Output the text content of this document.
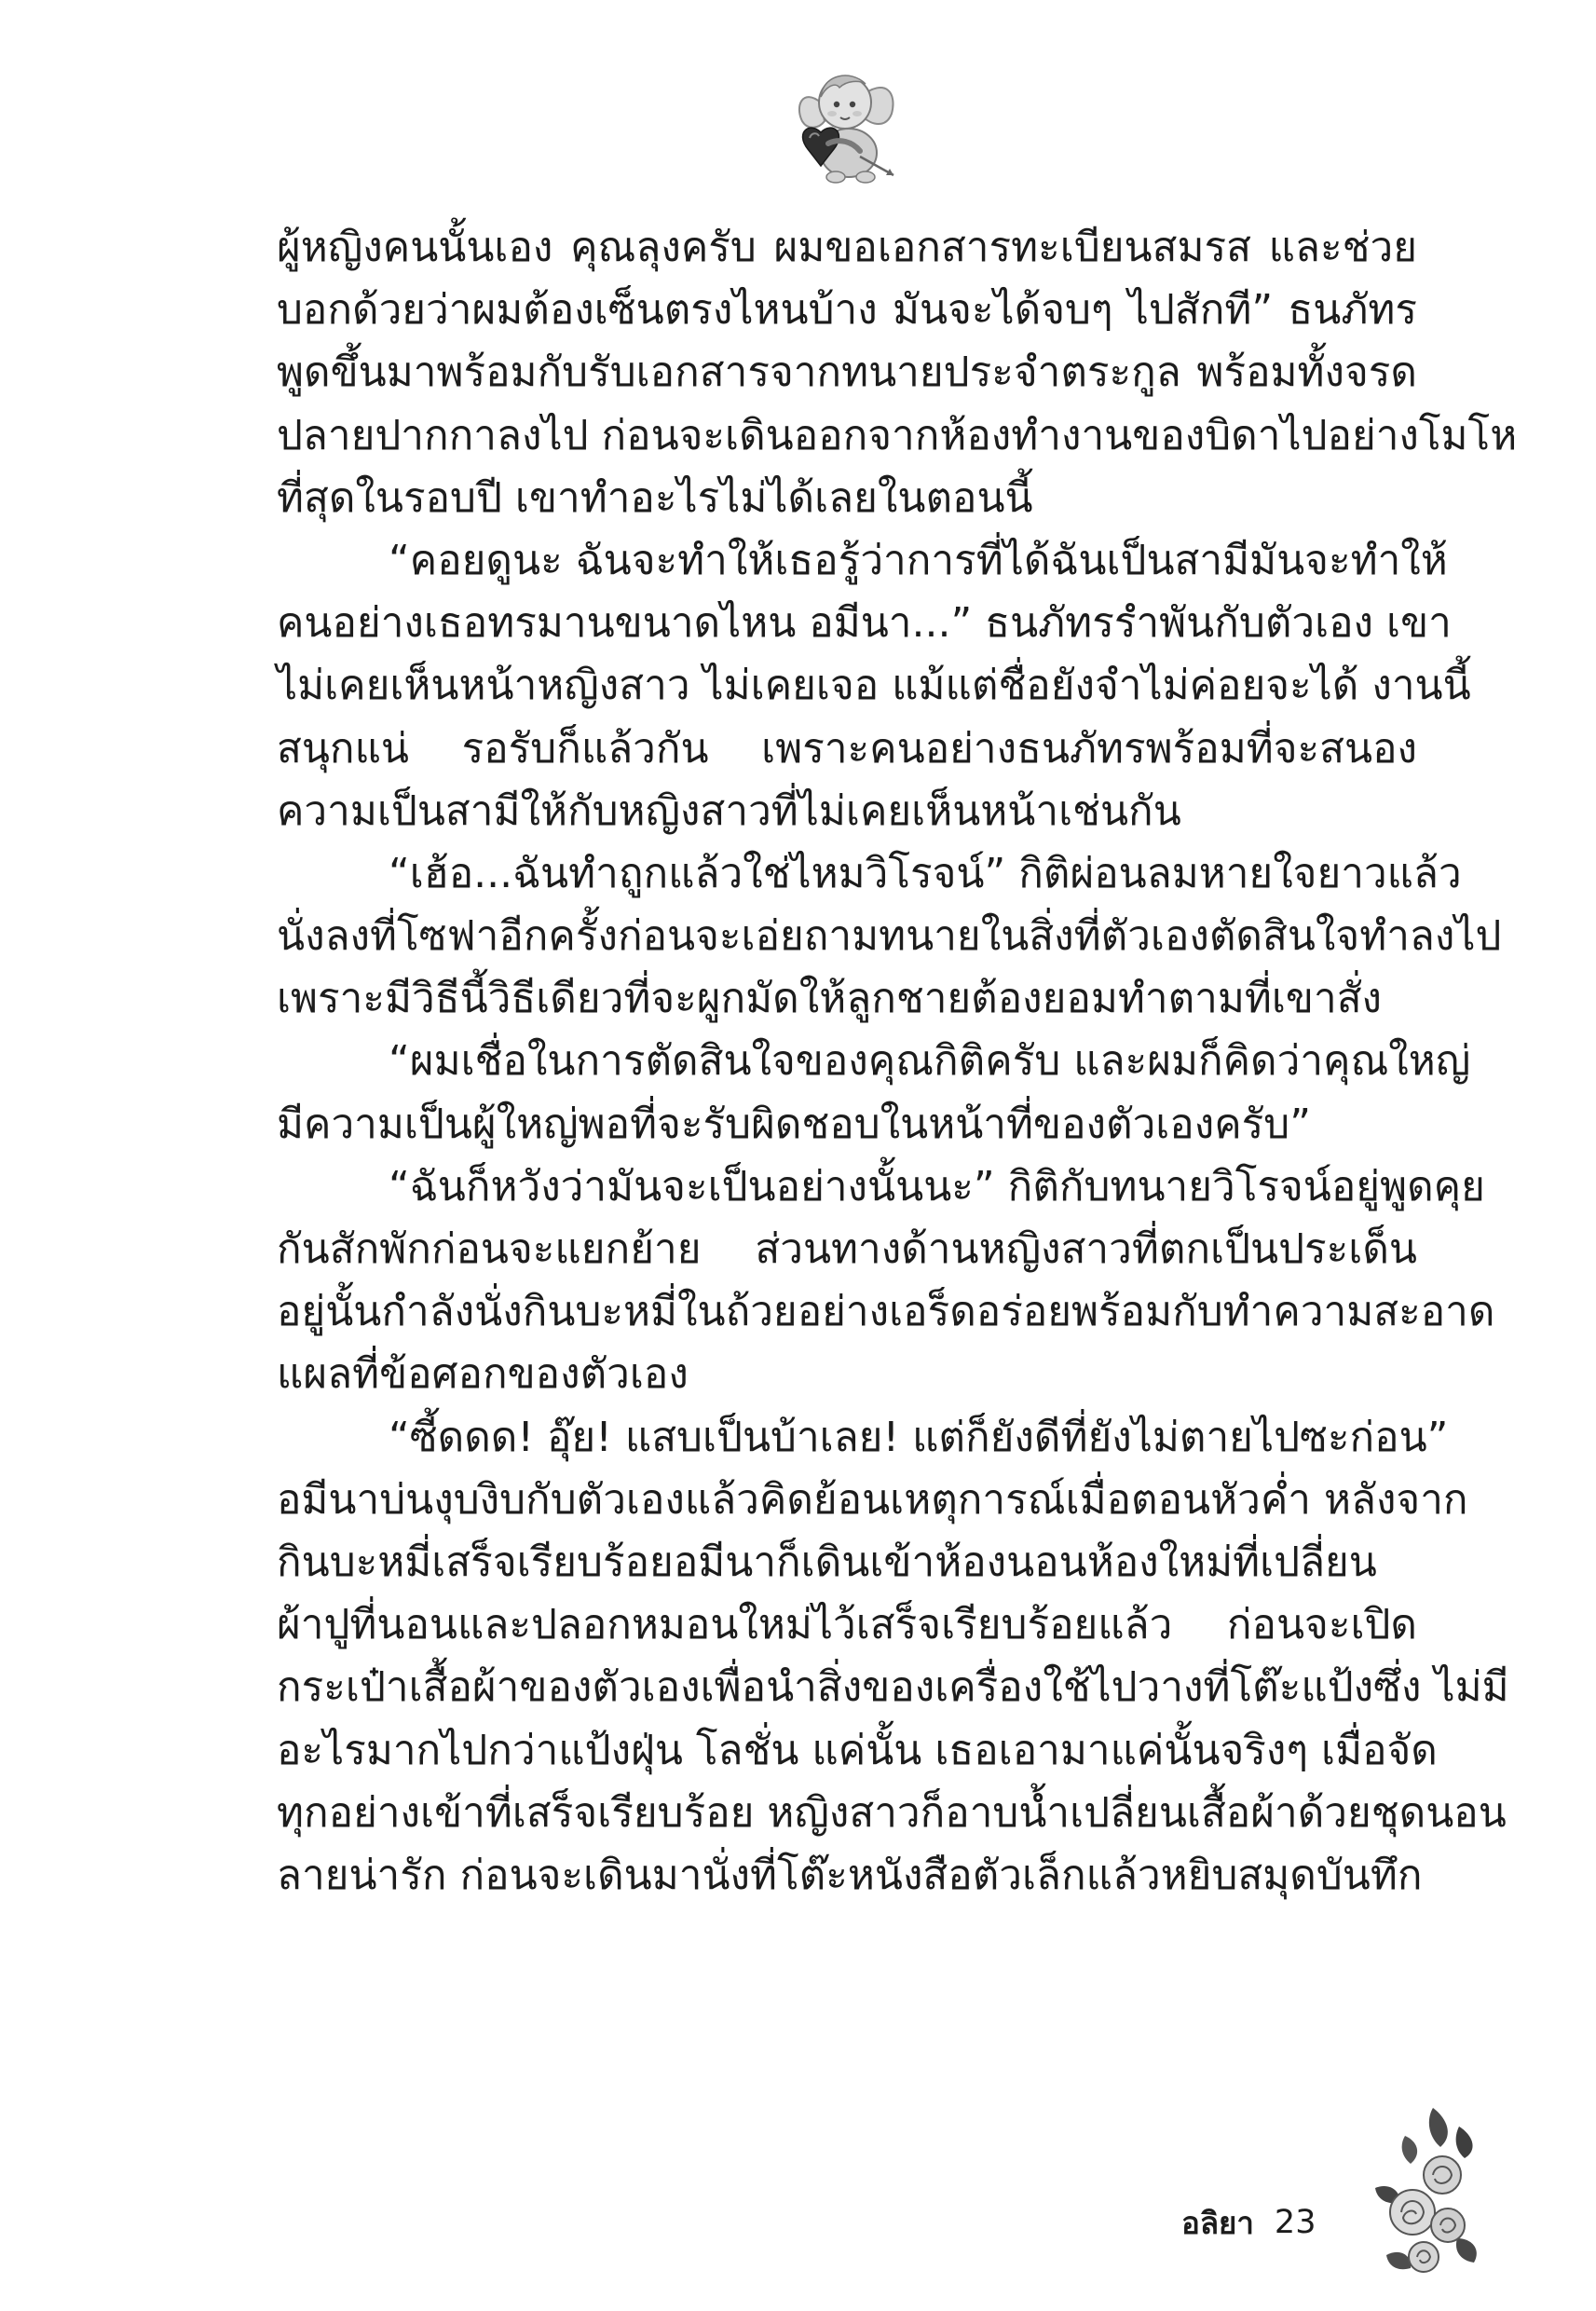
ผู้หญิงคนนั้นเอง คุณลุงครับ ผมขอเอกสารทะเบียนสมรส และช่วย
บอกด้วยว่าผมต้องเซ็นตรงไหนบ้าง มันจะได้จบๆ ไปสักที” ธนภัทร
พูดขึ้นมาพร้อมกับรับเอกสารจากทนายประจำตระกูล พร้อมทั้งจรด
ปลายปากกาลงไป ก่อนจะเดินออกจากห้องทำงานของบิดาไปอย่างโมโห
ที่สุดในรอบปี เขาทำอะไรไม่ได้เลยในตอนนี้
“คอยดูนะ ฉันจะทำให้เธอรู้ว่าการที่ได้ฉันเป็นสามีมันจะทำให้
คนอย่างเธอทรมานขนาดไหน อมีนา...” ธนภัทรรำพันกับตัวเอง เขา
ไม่เคยเห็นหน้าหญิงสาว ไม่เคยเจอ แม้แต่ชื่อยังจำไม่ค่อยจะได้ งานนี้
สนุกแน่ รอรับก็แล้วกัน เพราะคนอย่างธนภัทรพร้อมที่จะสนอง
ความเป็นสามีให้กับหญิงสาวที่ไม่เคยเห็นหน้าเช่นกัน
“เฮ้อ...ฉันทำถูกแล้วใช่ไหมวิโรจน์” กิติผ่อนลมหายใจยาวแล้ว
นั่งลงที่โซฟาอีกครั้งก่อนจะเอ่ยถามทนายในสิ่งที่ตัวเองตัดสินใจทำลงไป
เพราะมีวิธีนี้วิธีเดียวที่จะผูกมัดให้ลูกชายต้องยอมทำตามที่เขาสั่ง
“ผมเชื่อในการตัดสินใจของคุณกิติครับ และผมก็คิดว่าคุณใหญ่
มีความเป็นผู้ใหญ่พอที่จะรับผิดชอบในหน้าที่ของตัวเองครับ”
“ฉันก็หวังว่ามันจะเป็นอย่างนั้นนะ” กิติกับทนายวิโรจน์อยู่พูดคุย
กันสักพักก่อนจะแยกย้าย ส่วนทางด้านหญิงสาวที่ตกเป็นประเด็น
อยู่นั้นกำลังนั่งกินบะหมี่ในถ้วยอย่างเอร็ดอร่อยพร้อมกับทำความสะอาด
แผลที่ข้อศอกของตัวเอง
“ซี้ดดด! อุ๊ย! แสบเป็นบ้าเลย! แต่ก็ยังดีที่ยังไม่ตายไปซะก่อน”
อมีนาบ่นงุบงิบกับตัวเองแล้วคิดย้อนเหตุการณ์เมื่อตอนหัวค่ำ หลังจาก
กินบะหมี่เสร็จเรียบร้อยอมีนาก็เดินเข้าห้องนอนห้องใหม่ที่เปลี่ยน
ผ้าปูที่นอนและปลอกหมอนใหม่ไว้เสร็จเรียบร้อยแล้ว ก่อนจะเปิด
กระเป๋าเสื้อผ้าของตัวเองเพื่อนำสิ่งของเครื่องใช้ไปวางที่โต๊ะแป้งซึ่ง ไม่มี
อะไรมากไปกว่าแป้งฝุ่น โลชั่น แค่นั้น เธอเอามาแค่นั้นจริงๆ เมื่อจัด
ทุกอย่างเข้าที่เสร็จเรียบร้อย หญิงสาวก็อาบน้ำเปลี่ยนเสื้อผ้าด้วยชุดนอน
ลายน่ารัก ก่อนจะเดินมานั่งที่โต๊ะหนังสือตัวเล็กแล้วหยิบสมุดบันทึก
อลิยา 23
